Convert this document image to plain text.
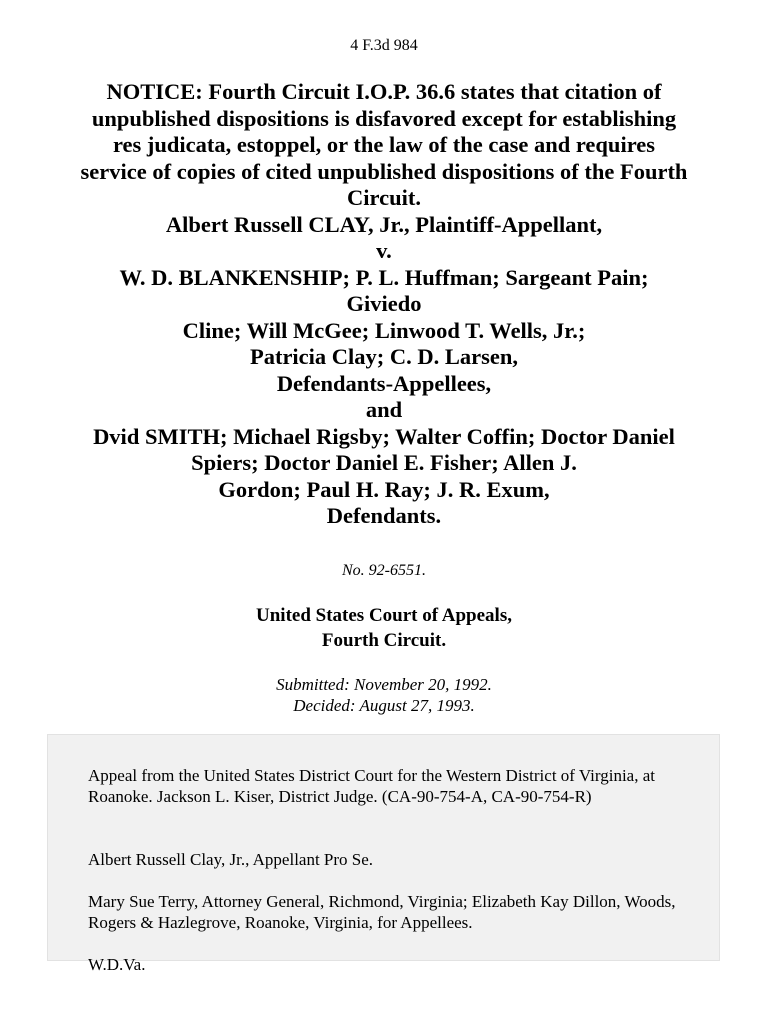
4 F.3d 984
NOTICE: Fourth Circuit I.O.P. 36.6 states that citation of
unpublished dispositions is disfavored except for establishing
res judicata, estoppel, or the law of the case and requires
service of copies of cited unpublished dispositions of the Fourth
Circuit.
Albert Russell CLAY, Jr., Plaintiff-Appellant,
v.
W. D. BLANKENSHIP; P. L. Huffman; Sargeant Pain;
Giviedo
Cline; Will McGee; Linwood T. Wells, Jr.;
Patricia Clay; C. D. Larsen,
Defendants-Appellees,
and
Dvid SMITH; Michael Rigsby; Walter Coffin; Doctor Daniel
Spiers; Doctor Daniel E. Fisher; Allen J.
Gordon; Paul H. Ray; J. R. Exum,
Defendants.
No. 92-6551.
United States Court of Appeals,
Fourth Circuit.
Submitted: November 20, 1992.
Decided: August 27, 1993.

Appeal from the United States District Court for the Western District of Virginia, at Roanoke. Jackson L. Kiser, District Judge. (CA-90-754-A, CA-90-754-R)

Albert Russell Clay, Jr., Appellant Pro Se.

Mary Sue Terry, Attorney General, Richmond, Virginia; Elizabeth Kay Dillon, Woods, Rogers & Hazlegrove, Roanoke, Virginia, for Appellees.

W.D.Va.
